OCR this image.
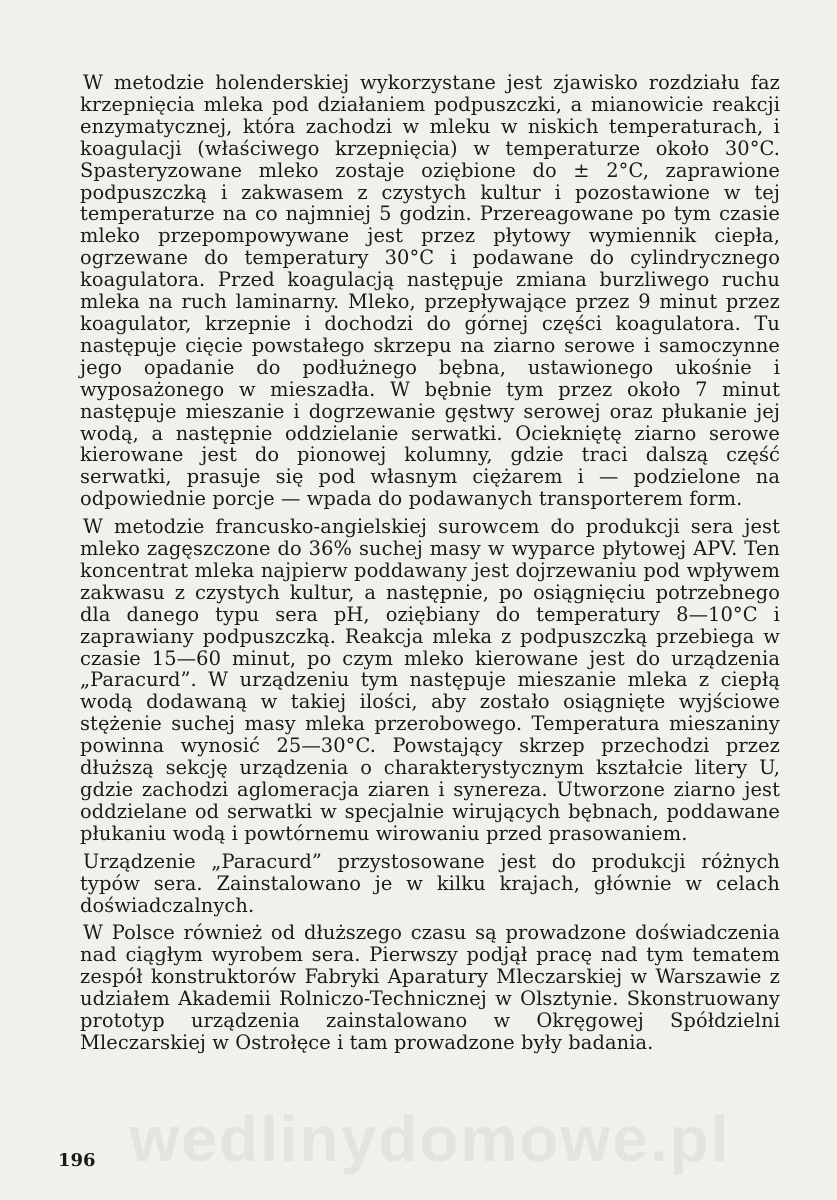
W metodzie holenderskiej wykorzystane jest zjawisko rozdziału faz krzepnięcia mleka pod działaniem podpuszczki, a mianowicie reakcji enzymatycznej, która zachodzi w mleku w niskich temperaturach, i koagulacji (właściwego krzepnięcia) w temperaturze około 30°C. Spasteryzowane mleko zostaje oziębione do ± 2°C, zaprawione podpuszczką i zakwasem z czystych kultur i pozostawione w tej temperaturze na co najmniej 5 godzin. Przereagowane po tym czasie mleko przepompowywane jest przez płytowy wymiennik ciepła, ogrzewane do temperatury 30°C i podawane do cylindrycznego koagulatora. Przed koagulacją następuje zmiana burzliwego ruchu mleka na ruch laminarny. Mleko, przepływające przez 9 minut przez koagulator, krzepnie i dochodzi do górnej części koagulatora. Tu następuje cięcie powstałego skrzepu na ziarno serowe i samoczynne jego opadanie do podłużnego bębna, ustawionego ukośnie i wyposażonego w mieszadła. W bębnie tym przez około 7 minut następuje mieszanie i dogrzewanie gęstwy serowej oraz płukanie jej wodą, a następnie oddzielanie serwatki. Ociekniętę ziarno serowe kierowane jest do pionowej kolumny, gdzie traci dalszą część serwatki, prasuje się pod własnym ciężarem i — podzielone na odpowiednie porcje — wpada do podawanych transporterem form.

W metodzie francusko-angielskiej surowcem do produkcji sera jest mleko zagęszczone do 36% suchej masy w wyparce płytowej APV. Ten koncentrat mleka najpierw poddawany jest dojrzewaniu pod wpływem zakwasu z czystych kultur, a następnie, po osiągnięciu potrzebnego dla danego typu sera pH, oziębiany do temperatury 8—10°C i zaprawiany podpuszczką. Reakcja mleka z podpuszczką przebiega w czasie 15—60 minut, po czym mleko kierowane jest do urządzenia „Paracurd”. W urządzeniu tym następuje mieszanie mleka z ciepłą wodą dodawaną w takiej ilości, aby zostało osiągnięte wyjściowe stężenie suchej masy mleka przerobowego. Temperatura mieszaniny powinna wynosić 25—30°C. Powstający skrzep przechodzi przez dłuższą sekcję urządzenia o charakterystycznym kształcie litery U, gdzie zachodzi aglomeracja ziaren i synereza. Utworzone ziarno jest oddzielane od serwatki w specjalnie wirujących bębnach, poddawane płukaniu wodą i powtórnemu wirowaniu przed prasowaniem.

Urządzenie „Paracurd” przystosowane jest do produkcji różnych typów sera. Zainstalowano je w kilku krajach, głównie w celach doświadczalnych.

W Polsce również od dłuższego czasu są prowadzone doświadczenia nad ciągłym wyrobem sera. Pierwszy podjął pracę nad tym tematem zespół konstruktorów Fabryki Aparatury Mleczarskiej w Warszawie z udziałem Akademii Rolniczo-Technicznej w Olsztynie. Skonstruowany prototyp urządzenia zainstalowano w Okręgowej Spółdzielni Mleczarskiej w Ostrołęce i tam prowadzone były badania.

wedlinydomowe.pl
196
